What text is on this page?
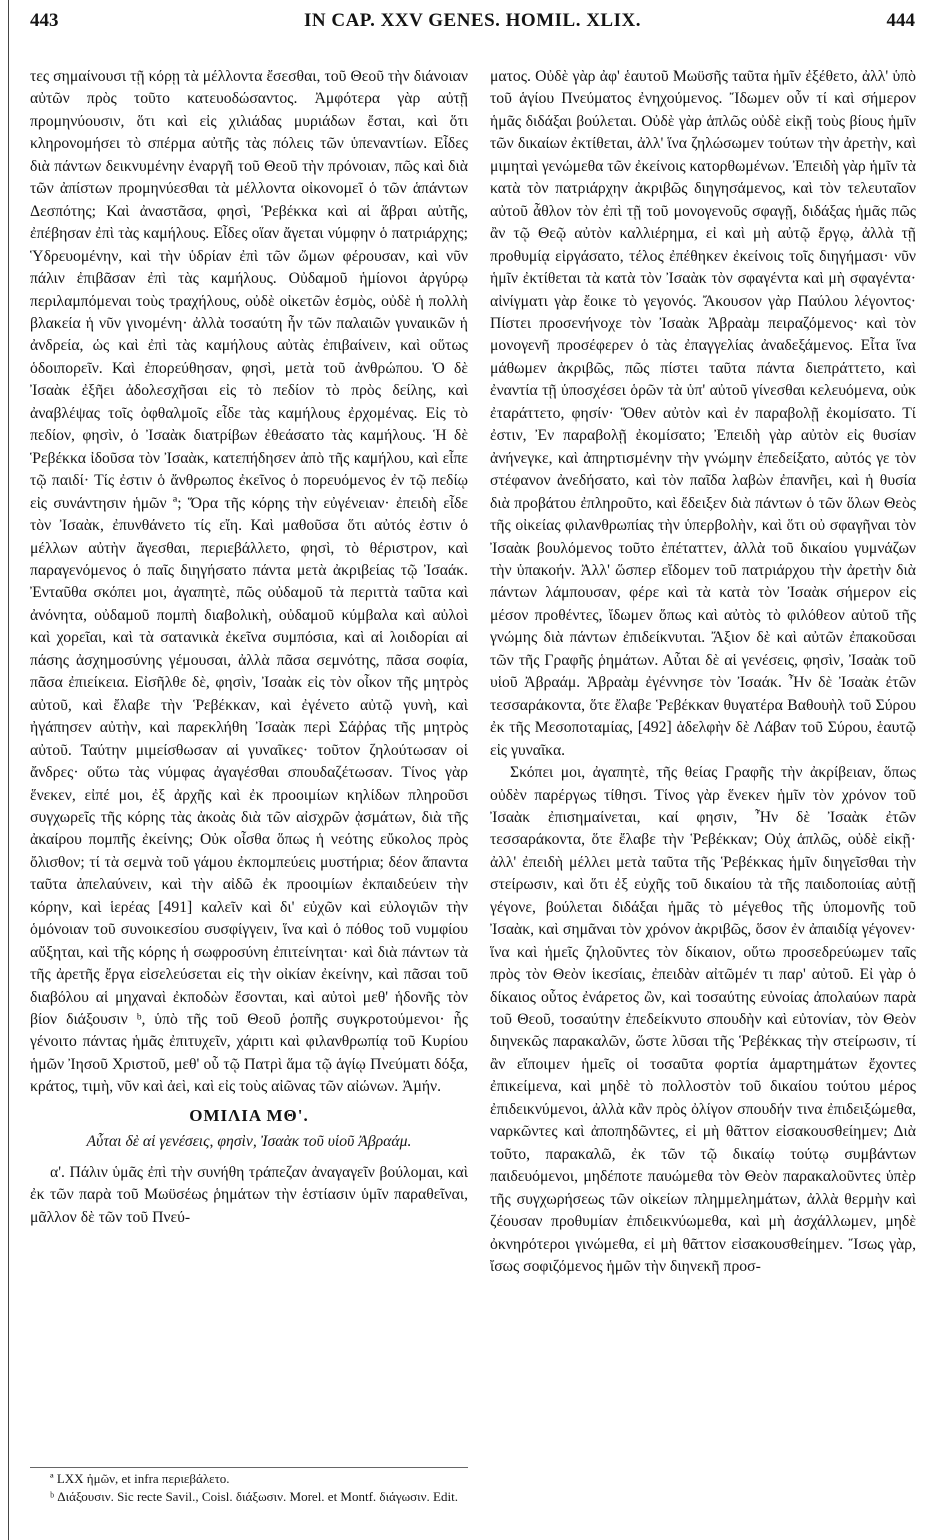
443	IN CAP. XXV GENES. HOMIL. XLIX.	444

τες σημαίνουσι τῇ κόρῃ τὰ μέλλοντα ἔσεσθαι, τοῦ Θεοῦ τὴν διάνοιαν αὐτῶν πρὸς τοῦτο κατευοδώσαντος. Ἀμφότερα γὰρ αὐτῇ προμηνύουσιν, ὅτι καὶ εἰς χιλιάδας μυριάδων ἔσται, καὶ ὅτι κληρονομήσει τὸ σπέρμα αὐτῆς τὰς πόλεις τῶν ὑπεναντίων. Εἶδες διὰ πάντων δεικνυμένην ἐναργῆ τοῦ Θεοῦ τὴν πρόνοιαν, πῶς καὶ διὰ τῶν ἀπίστων προμηνύεσθαι τὰ μέλλοντα οἰκονομεῖ ὁ τῶν ἁπάντων Δεσπότης; Καὶ ἀναστᾶσα, φησὶ, Ῥεβέκκα καὶ αἱ ἅβραι αὐτῆς, ἐπέβησαν ἐπὶ τὰς καμήλους. Εἶδες οἵαν ἄγεται νύμφην ὁ πατριάρχης; Ὑδρευομένην, καὶ τὴν ὑδρίαν ἐπὶ τῶν ὤμων φέρουσαν, καὶ νῦν πάλιν ἐπιβᾶσαν ἐπὶ τὰς καμήλους. Οὐδαμοῦ ἡμίονοι ἀργύρῳ περιλαμπόμεναι τοὺς τραχήλους, οὐδὲ οἰκετῶν ἑσμὸς, οὐδὲ ἡ πολλὴ βλακεία ἡ νῦν γινομένη· ἀλλὰ τοσαύτη ἦν τῶν παλαιῶν γυναικῶν ἡ ἀνδρεία, ὡς καὶ ἐπὶ τὰς καμήλους αὐτὰς ἐπιβαίνειν, καὶ οὕτως ὁδοιπορεῖν. Καὶ ἐπορεύθησαν, φησὶ, μετὰ τοῦ ἀνθρώπου. Ὁ δὲ Ἰσαὰκ ἐξῆει ἀδολεσχῆσαι εἰς τὸ πεδίον τὸ πρὸς δείλης, καὶ ἀναβλέψας τοῖς ὀφθαλμοῖς εἶδε τὰς καμήλους ἐρχομένας. Εἰς τὸ πεδίον, φησὶν, ὁ Ἰσαὰκ διατρίβων ἐθεάσατο τὰς καμήλους. Ἡ δὲ Ῥεβέκκα ἰδοῦσα τὸν Ἰσαὰκ, κατεπήδησεν ἀπὸ τῆς καμήλου, καὶ εἶπε τῷ παιδί· Τίς ἐστιν ὁ ἄνθρωπος ἐκεῖνος ὁ πορευόμενος ἐν τῷ πεδίῳ εἰς συνάντησιν ἡμῶν ª; Ὅρα τῆς κόρης τὴν εὐγένειαν· ἐπειδὴ εἶδε τὸν Ἰσαὰκ, ἐπυνθάνετο τίς εἴη. Καὶ μαθοῦσα ὅτι αὐτός ἐστιν ὁ μέλλων αὐτὴν ἄγεσθαι, περιεβάλλετο, φησὶ, τὸ θέριστρον, καὶ παραγενόμενος ὁ παῖς διηγήσατο πάντα μετὰ ἀκριβείας τῷ Ἰσαάκ. Ἐνταῦθα σκόπει μοι, ἀγαπητὲ, πῶς οὐδαμοῦ τὰ περιττὰ ταῦτα καὶ ἀνόνητα, οὐδαμοῦ πομπὴ διαβολικὴ, οὐδαμοῦ κύμβαλα καὶ αὐλοὶ καὶ χορεῖαι, καὶ τὰ σατανικὰ ἐκεῖνα συμπόσια, καὶ αἱ λοιδορίαι αἱ πάσης ἀσχημοσύνης γέμουσαι, ἀλλὰ πᾶσα σεμνότης, πᾶσα σοφία, πᾶσα ἐπιείκεια. Εἰσῆλθε δὲ, φησὶν, Ἰσαὰκ εἰς τὸν οἶκον τῆς μητρὸς αὐτοῦ, καὶ ἔλαβε τὴν Ῥεβέκκαν, καὶ ἐγένετο αὐτῷ γυνὴ, καὶ ἠγάπησεν αὐτὴν, καὶ παρεκλήθη Ἰσαὰκ περὶ Σάῤῥας τῆς μητρὸς αὐτοῦ. Ταύτην μιμείσθωσαν αἱ γυναῖκες· τοῦτον ζηλούτωσαν οἱ ἄνδρες· οὕτω τὰς νύμφας ἀγαγέσθαι σπουδαζέτωσαν. Τίνος γὰρ ἕνεκεν, εἰπέ μοι, ἐξ ἀρχῆς καὶ ἐκ προοιμίων κηλίδων πληροῦσι συγχωρεῖς τῆς κόρης τὰς ἀκοὰς διὰ τῶν αἰσχρῶν ᾀσμάτων, διὰ τῆς ἀκαίρου πομπῆς ἐκείνης; Οὐκ οἶσθα ὅπως ἡ νεότης εὔκολος πρὸς ὄλισθον; τί τὰ σεμνὰ τοῦ γάμου ἐκπομπεύεις μυστήρια; δέον ἅπαντα ταῦτα ἀπελαύνειν, καὶ τὴν αἰδῶ ἐκ προοιμίων ἐκπαιδεύειν τὴν κόρην, καὶ ἱερέας [491] καλεῖν καὶ δι' εὐχῶν καὶ εὐλογιῶν τὴν ὁμόνοιαν τοῦ συνοικεσίου συσφίγγειν, ἵνα καὶ ὁ πόθος τοῦ νυμφίου αὔξηται, καὶ τῆς κόρης ἡ σωφροσύνη ἐπιτείνηται· καὶ διὰ πάντων τὰ τῆς ἀρετῆς ἔργα εἰσελεύσεται εἰς τὴν οἰκίαν ἐκείνην, καὶ πᾶσαι τοῦ διαβόλου αἱ μηχαναὶ ἐκποδὼν ἔσονται, καὶ αὐτοὶ μεθ' ἡδονῆς τὸν βίον διάξουσιν ᵇ, ὑπὸ τῆς τοῦ Θεοῦ ῥοπῆς συγκροτούμενοι· ἧς γένοιτο πάντας ἡμᾶς ἐπιτυχεῖν, χάριτι καὶ φιλανθρωπίᾳ τοῦ Κυρίου ἡμῶν Ἰησοῦ Χριστοῦ, μεθ' οὗ τῷ Πατρὶ ἅμα τῷ ἁγίῳ Πνεύματι δόξα, κράτος, τιμὴ, νῦν καὶ ἀεὶ, καὶ εἰς τοὺς αἰῶνας τῶν αἰώνων. Ἀμήν.

ΟΜΙΛΙΑ ΜΘ'.

Αὗται δὲ αἱ γενέσεις, φησὶν, Ἰσαὰκ τοῦ υἱοῦ Ἀβραάμ.

α'. Πάλιν ὑμᾶς ἐπὶ τὴν συνήθη τράπεζαν ἀναγαγεῖν βούλομαι, καὶ ἐκ τῶν παρὰ τοῦ Μωϋσέως ῥημάτων τὴν ἑστίασιν ὑμῖν παραθεῖναι, μᾶλλον δὲ τῶν τοῦ Πνεύ-

ª LXX ἡμῶν, et infra περιεβάλετο.

ᵇ Διάξουσιν. Sic recte Savil., Coisl. διάξωσιν. Morel. et Montf. διάγωσιν. Edit.

ματος. Οὐδὲ γὰρ ἀφ' ἑαυτοῦ Μωϋσῆς ταῦτα ἡμῖν ἐξέθετο, ἀλλ' ὑπὸ τοῦ ἁγίου Πνεύματος ἐνηχούμενος. Ἴδωμεν οὖν τί καὶ σήμερον ἡμᾶς διδάξαι βούλεται. Οὐδὲ γὰρ ἁπλῶς οὐδὲ εἰκῇ τοὺς βίους ἡμῖν τῶν δικαίων ἐκτίθεται, ἀλλ' ἵνα ζηλώσωμεν τούτων τὴν ἀρετὴν, καὶ μιμηταὶ γενώμεθα τῶν ἐκείνοις κατορθωμένων. Ἐπειδὴ γὰρ ἡμῖν τὰ κατὰ τὸν πατριάρχην ἀκριβῶς διηγησάμενος, καὶ τὸν τελευταῖον αὐτοῦ ἆθλον τὸν ἐπὶ τῇ τοῦ μονογενοῦς σφαγῇ, διδάξας ἡμᾶς πῶς ἂν τῷ Θεῷ αὐτὸν καλλιέρημα, εἰ καὶ μὴ αὐτῷ ἔργῳ, ἀλλὰ τῇ προθυμίᾳ εἰργάσατο, τέλος ἐπέθηκεν ἐκείνοις τοῖς διηγήμασι· νῦν ἡμῖν ἐκτίθεται τὰ κατὰ τὸν Ἰσαὰκ τὸν σφαγέντα καὶ μὴ σφαγέντα· αἰνίγματι γὰρ ἔοικε τὸ γεγονός. Ἄκουσον γὰρ Παύλου λέγοντος· Πίστει προσενήνοχε τὸν Ἰσαὰκ Ἀβραὰμ πειραζόμενος· καὶ τὸν μονογενῆ προσέφερεν ὁ τὰς ἐπαγγελίας ἀναδεξάμενος. Εἶτα ἵνα μάθωμεν ἀκριβῶς, πῶς πίστει ταῦτα πάντα διεπράττετο, καὶ ἐναντία τῇ ὑποσχέσει ὁρῶν τὰ ὑπ' αὐτοῦ γίνεσθαι κελευόμενα, οὐκ ἐταράττετο, φησίν· Ὅθεν αὐτὸν καὶ ἐν παραβολῇ ἐκομίσατο. Τί ἐστιν, Ἐν παραβολῇ ἐκομίσατο; Ἐπειδὴ γὰρ αὐτὸν εἰς θυσίαν ἀνήνεγκε, καὶ ἀπηρτισμένην τὴν γνώμην ἐπεδείξατο, αὐτός γε τὸν στέφανον ἀνεδήσατο, καὶ τὸν παῖδα λαβὼν ἐπανῆει, καὶ ἡ θυσία διὰ προβάτου ἐπληροῦτο, καὶ ἔδειξεν διὰ πάντων ὁ τῶν ὅλων Θεὸς τῆς οἰκείας φιλανθρωπίας τὴν ὑπερβολὴν, καὶ ὅτι οὐ σφαγῆναι τὸν Ἰσαὰκ βουλόμενος τοῦτο ἐπέταττεν, ἀλλὰ τοῦ δικαίου γυμνάζων τὴν ὑπακοήν. Ἀλλ' ὥσπερ εἴδομεν τοῦ πατριάρχου τὴν ἀρετὴν διὰ πάντων λάμπουσαν, φέρε καὶ τὰ κατὰ τὸν Ἰσαὰκ σήμερον εἰς μέσον προθέντες, ἴδωμεν ὅπως καὶ αὐτὸς τὸ φιλόθεον αὐτοῦ τῆς γνώμης διὰ πάντων ἐπιδείκνυται. Ἄξιον δὲ καὶ αὐτῶν ἐπακοῦσαι τῶν τῆς Γραφῆς ῥημάτων. Αὗται δὲ αἱ γενέσεις, φησὶν, Ἰσαὰκ τοῦ υἱοῦ Ἀβραάμ. Ἀβραὰμ ἐγέννησε τὸν Ἰσαάκ. Ἦν δὲ Ἰσαὰκ ἐτῶν τεσσαράκοντα, ὅτε ἔλαβε Ῥεβέκκαν θυγατέρα Βαθουὴλ τοῦ Σύρου ἐκ τῆς Μεσοποταμίας, [492] ἀδελφὴν δὲ Λάβαν τοῦ Σύρου, ἑαυτῷ εἰς γυναῖκα.

Σκόπει μοι, ἀγαπητὲ, τῆς θείας Γραφῆς τὴν ἀκρίβειαν, ὅπως οὐδὲν παρέργως τίθησι. Τίνος γὰρ ἕνεκεν ἡμῖν τὸν χρόνον τοῦ Ἰσαὰκ ἐπισημαίνεται, καί φησιν, Ἦν δὲ Ἰσαὰκ ἐτῶν τεσσαράκοντα, ὅτε ἔλαβε τὴν Ῥεβέκκαν; Οὐχ ἁπλῶς, οὐδὲ εἰκῇ· ἀλλ' ἐπειδὴ μέλλει μετὰ ταῦτα τῆς Ῥεβέκκας ἡμῖν διηγεῖσθαι τὴν στείρωσιν, καὶ ὅτι ἐξ εὐχῆς τοῦ δικαίου τὰ τῆς παιδοποιίας αὐτῇ γέγονε, βούλεται διδάξαι ἡμᾶς τὸ μέγεθος τῆς ὑπομονῆς τοῦ Ἰσαὰκ, καὶ σημᾶναι τὸν χρόνον ἀκριβῶς, ὅσον ἐν ἀπαιδίᾳ γέγονεν· ἵνα καὶ ἡμεῖς ζηλοῦντες τὸν δίκαιον, οὕτω προσεδρεύωμεν ταῖς πρὸς τὸν Θεὸν ἱκεσίαις, ἐπειδὰν αἰτῶμέν τι παρ' αὐτοῦ. Εἰ γὰρ ὁ δίκαιος οὗτος ἐνάρετος ὢν, καὶ τοσαύτης εὐνοίας ἀπολαύων παρὰ τοῦ Θεοῦ, τοσαύτην ἐπεδείκνυτο σπουδὴν καὶ εὐτονίαν, τὸν Θεὸν διηνεκῶς παρακαλῶν, ὥστε λῦσαι τῆς Ῥεβέκκας τὴν στείρωσιν, τί ἂν εἴποιμεν ἡμεῖς οἱ τοσαῦτα φορτία ἁμαρτημάτων ἔχοντες ἐπικείμενα, καὶ μηδὲ τὸ πολλοστὸν τοῦ δικαίου τούτου μέρος ἐπιδεικνύμενοι, ἀλλὰ κἂν πρὸς ὀλίγον σπουδήν τινα ἐπιδειξώμεθα, ναρκῶντες καὶ ἀποπηδῶντες, εἰ μὴ θᾶττον εἰσακουσθείημεν; Διὰ τοῦτο, παρακαλῶ, ἐκ τῶν τῷ δικαίῳ τούτῳ συμβάντων παιδευόμενοι, μηδέποτε παυώμεθα τὸν Θεὸν παρακαλοῦντες ὑπὲρ τῆς συγχωρήσεως τῶν οἰκείων πλημμελημάτων, ἀλλὰ θερμὴν καὶ ζέουσαν προθυμίαν ἐπιδεικνύωμεθα, καὶ μὴ ἀσχάλλωμεν, μηδὲ ὀκνηρότεροι γινώμεθα, εἰ μὴ θᾶττον εἰσακουσθείημεν. Ἴσως γὰρ, ἴσως σοφιζόμενος ἡμῶν τὴν διηνεκῆ προσ-
